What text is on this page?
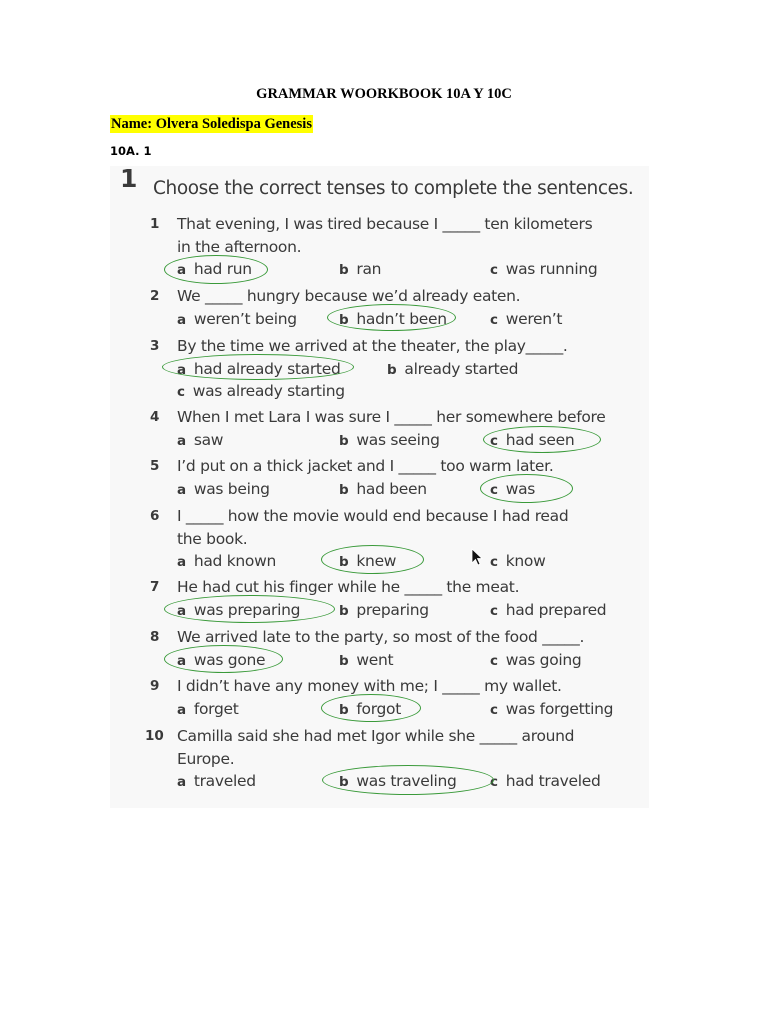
GRAMMAR WOORKBOOK 10A Y 10C
Name: Olvera Soledispa Genesis
10A. 1
1 Choose the correct tenses to complete the sentences.
1 That evening, I was tired because I _____ ten kilometers
in the afternoon.
a had run	b ran	c was running
2 We _____ hungry because we’d already eaten.
a weren’t being	b hadn’t been	c weren’t
3 By the time we arrived at the theater, the play_____.
a had already started	b already started
c was already starting
4 When I met Lara I was sure I _____ her somewhere before
a saw	b was seeing	c had seen
5 I’d put on a thick jacket and I _____ too warm later.
a was being	b had been	c was
6 I _____ how the movie would end because I had read
the book.
a had known	b knew	c know
7 He had cut his finger while he _____ the meat.
a was preparing	b preparing	c had prepared
8 We arrived late to the party, so most of the food _____.
a was gone	b went	c was going
9 I didn’t have any money with me; I _____ my wallet.
a forget	b forgot	c was forgetting
10 Camilla said she had met Igor while she _____ around
Europe.
a traveled	b was traveling c had traveled
